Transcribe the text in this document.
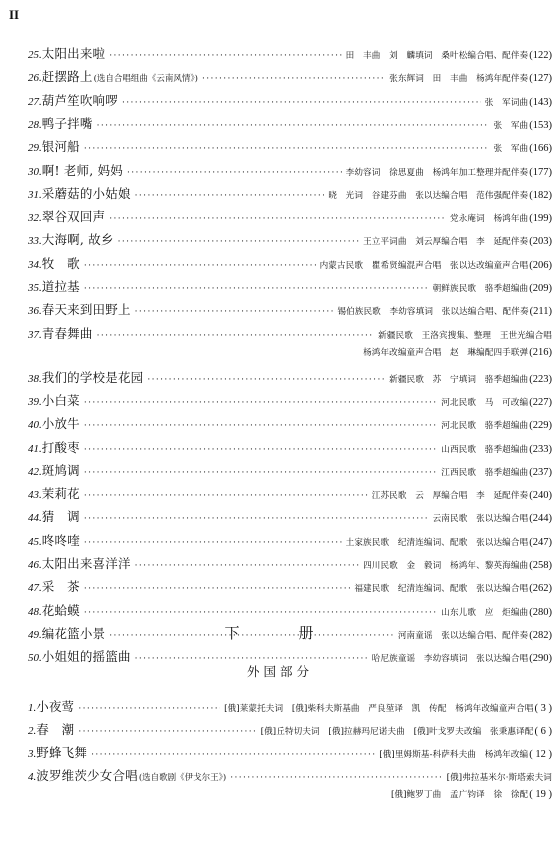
II
25. 太阳出来啦 ·····	田　丰曲　刘　麟填词　桑叶松编合唱、配伴奏 (122)
26. 赶摆路上 (选自合唱组曲《云南风情》) ·····	张东辉词　田　丰曲　杨鸿年配伴奏 (127)
27. 葫芦笙吹响啰 ·····	张　军词曲 (143)
28. 鸭子拌嘴 ·····	张　军曲 (153)
29. 银河船 ·····	张　军曲 (166)
30. 啊! 老师, 妈妈 ·····	李幼容词　徐思夏曲　杨鸿年加工整理并配伴奏 (177)
31. 采蘑菇的小姑娘 ·····	晓　光词　谷建芬曲　张以达编合唱　范伟强配伴奏 (182)
32. 翠谷双回声 ·····	党永庵词　杨鸿年曲 (199)
33. 大海啊, 故乡 ·····	王立平词曲　刘云厚编合唱　李　延配伴奏 (203)
34. 牧　歌 ·····	内蒙古民歌　瞿希贤编混声合唱　张以达改编童声合唱 (206)
35. 道拉基 ·····	朝鲜族民歌　骆季超编曲 (209)
36. 春天来到田野上 ·····	锡伯族民歌　李幼容填词　张以达编合唱、配伴奏 (211)
37. 青春舞曲 ·····	新疆民歌　王洛宾搜集、整理　王世光编合唱
杨鸿年改编童声合唱　赵　琳编配四手联弹 (216)
38. 我们的学校是花园 ·····	新疆民歌　苏　宁填词　骆季超编曲 (223)
39. 小白菜 ·····	河北民歌　马　可改编 (227)
40. 小放牛 ·····	河北民歌　骆季超编曲 (229)
41. 打酸枣 ·····	山西民歌　骆季超编曲 (233)
42. 斑鸠调 ·····	江西民歌　骆季超编曲 (237)
43. 茉莉花 ·····	江苏民歌　云　厚编合唱　李　延配伴奏 (240)
44. 猜　调 ·····	云南民歌　张以达编合唱 (244)
45. 咚咚喹 ·····	土家族民歌　纪清连编词、配歌　张以达编合唱 (247)
46. 太阳出来喜洋洋 ·····	四川民歌　金　毅词　杨鸿年、黎英海编曲 (258)
47. 采　茶 ·····	福建民歌　纪清连编词、配歌　张以达编合唱 (262)
48. 花蛤蟆 ·····	山东儿歌　应　炬编曲 (280)
49. 编花篮小景 ·····	河南童谣　张以达编合唱、配伴奏 (282)
50. 小姐姐的摇篮曲 ·····	哈尼族童谣　李幼容填词　张以达编合唱 (290)
下　册
外国部分
1. 小夜莺 ·····	[俄]莱蒙托夫词　[俄]柴科夫斯基曲　严良堃译　凯　传配　杨鸿年改编童声合唱 ( 3 )
2. 春　潮 ·····	[俄]丘特切夫词　[俄]拉赫玛尼诺夫曲　[俄]叶戈罗夫改编　张秉惠译配 ( 6 )
3. 野蜂飞舞 ·····	[俄]里姆斯基-科萨科夫曲　杨鸿年改编 ( 12 )
4. 波罗维茨少女合唱 (选自歌剧《伊戈尔王》) ·····	[俄]弗拉基米尔·斯塔索夫词
[俄]鲍罗丁曲　孟广钧译　徐　徐配 ( 19 )
